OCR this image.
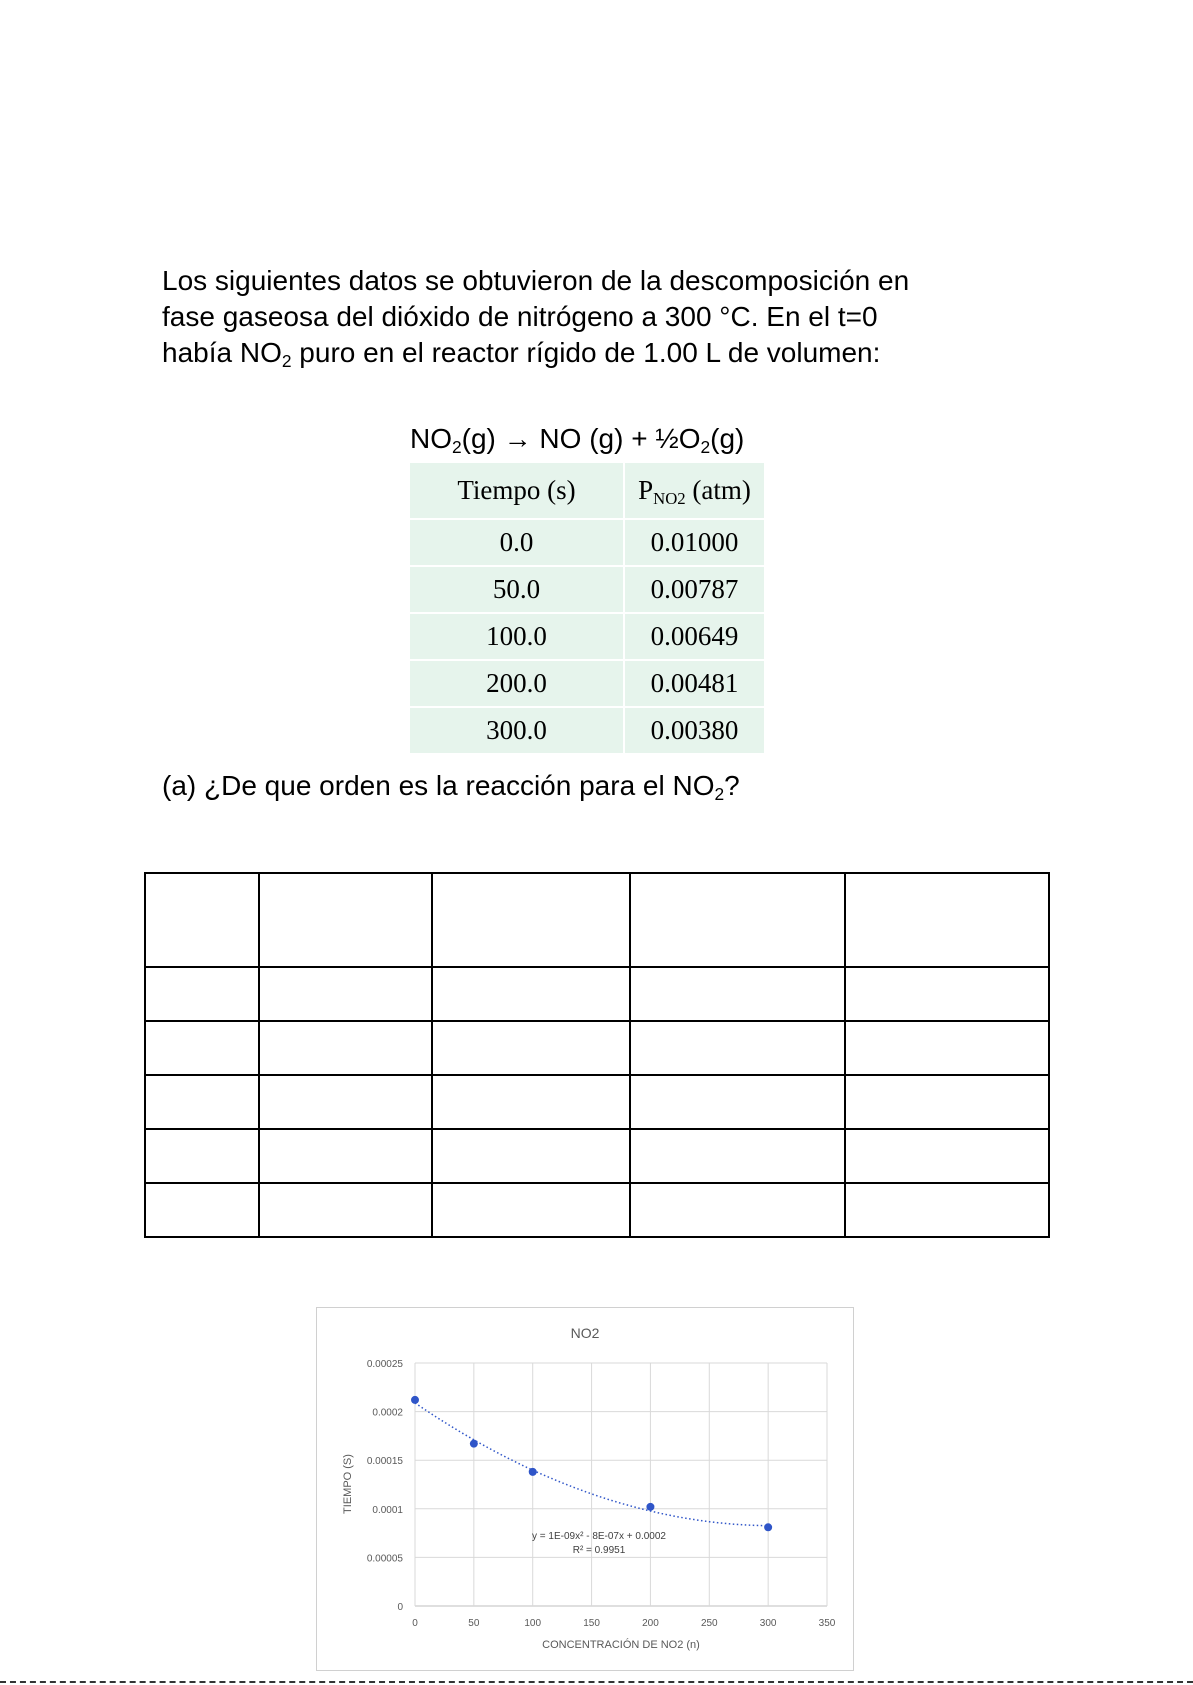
Los siguientes datos se obtuvieron de la descomposición en
fase gaseosa del dióxido de nitrógeno a 300 °C. En el t=0
había $NO_2$ puro en el reactor rígido de 1.00 L de volumen:
$NO_2(g)$ → NO $(g) + \frac{1}{2}O_2(g)$
Tiempo (s)	$P_{NO2}$ (atm)
0.0	0.01000
50.0	0.00787
100.0	0.00649
200.0	0.00481
300.0	0.00380
(a) ¿De que orden es la reacción para el $NO_2$?

0
0.00005
0.0001
0.00015
0.0002
0.00025
0	50	100	150	200	250	300	350
NO2
CONCENTRACIÓN DE NO2 (n)
TIEMPO (S)
y = 1E-09x² - 8E-07x + 0.0002
R² = 0.9951
